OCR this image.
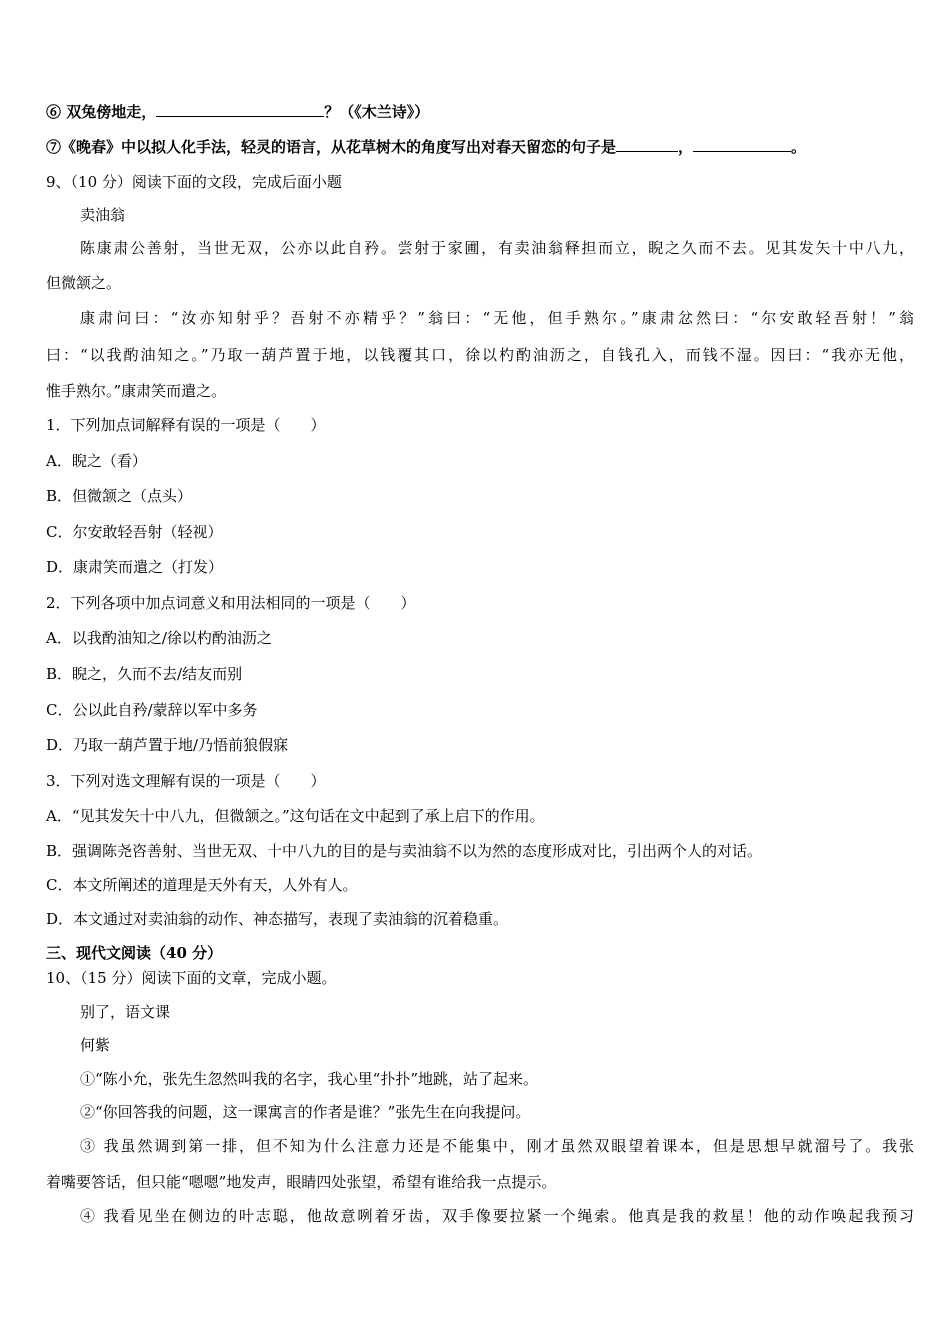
⑥ 双兔傍地走，	？（《木兰诗》）
⑦《晚春》中以拟人化手法，轻灵的语言，从花草树木的角度写出对春天留恋的句子是	，	。
9、（10 分）阅读下面的文段，完成后面小题
卖油翁
陈康肃公善射，当世无双，公亦以此自矜。尝射于家圃，有卖油翁释担而立，睨之久而不去。见其发矢十中八九，
但微颔之。
康肃问曰：“汝亦知射乎？吾射不亦精乎？”翁曰：“无他，但手熟尔。”康肃忿然曰：“尔安敢轻吾射！”翁
曰：“以我酌油知之。”乃取一葫芦置于地，以钱覆其口，徐以杓酌油沥之，自钱孔入，而钱不湿。因曰：“我亦无他，
惟手熟尔。”康肃笑而遣之。
1．下列加点词解释有误的一项是（　　）
A．睨之（看）
B．但微颔之（点头）
C．尔安敢轻吾射（轻视）
D．康肃笑而遣之（打发）
2．下列各项中加点词意义和用法相同的一项是（　　）
A．以我酌油知之/徐以杓酌油沥之
B．睨之，久而不去/结友而别
C．公以此自矜/蒙辞以军中多务
D．乃取一葫芦置于地/乃悟前狼假寐
3．下列对选文理解有误的一项是（　　）
A．“见其发矢十中八九，但微颔之。”这句话在文中起到了承上启下的作用。
B．强调陈尧咨善射、当世无双、十中八九的目的是与卖油翁不以为然的态度形成对比，引出两个人的对话。
C．本文所阐述的道理是天外有天，人外有人。
D．本文通过对卖油翁的动作、神态描写，表现了卖油翁的沉着稳重。
三、现代文阅读（40 分）
10、（15 分）阅读下面的文章，完成小题。
别了，语文课
何紫
①“陈小允，张先生忽然叫我的名字，我心里“扑扑”地跳，站了起来。
②“你回答我的问题，这一课寓言的作者是谁？”张先生在向我提问。
③ 我虽然调到第一排，但不知为什么注意力还是不能集中，刚才虽然双眼望着课本，但是思想早就溜号了。我张
着嘴要答话，但只能“嗯嗯”地发声，眼睛四处张望，希望有谁给我一点提示。
④ 我看见坐在侧边的叶志聪，他故意咧着牙齿，双手像要拉紧一个绳索。他真是我的救星！他的动作唤起我预习
